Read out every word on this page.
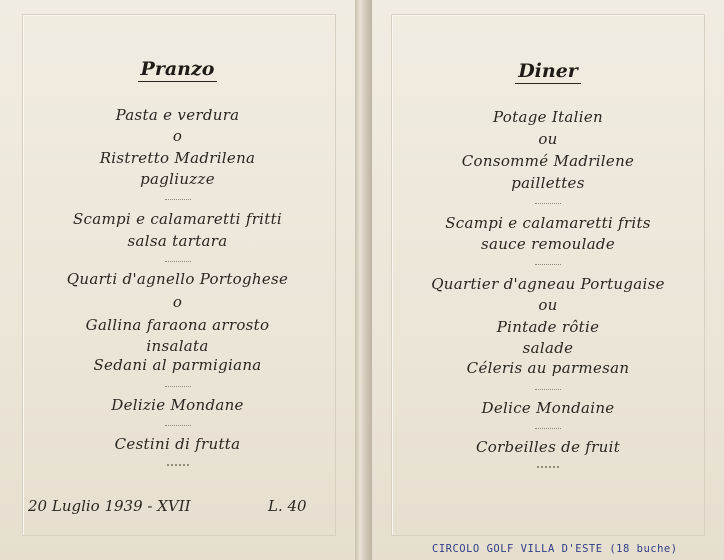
Pranzo
Pasta e verdura
o
Ristretto Madrilena
pagliuzze
Scampi e calamaretti fritti
salsa tartara
Quarti d'agnello Portoghese
o
Gallina faraona arrosto
insalata
Sedani al parmigiana
Delizie Mondane
Cestini di frutta
20 Luglio 1939 - XVII	L. 40
Diner
Potage Italien
ou
Consommé Madrilene
paillettes
Scampi e calamaretti frits
sauce remoulade
Quartier d'agneau Portugaise
ou
Pintade rôtie
salade
Céleris au parmesan
Delice Mondaine
Corbeilles de fruit
CIRCOLO GOLF VILLA D'ESTE (18 buche)
